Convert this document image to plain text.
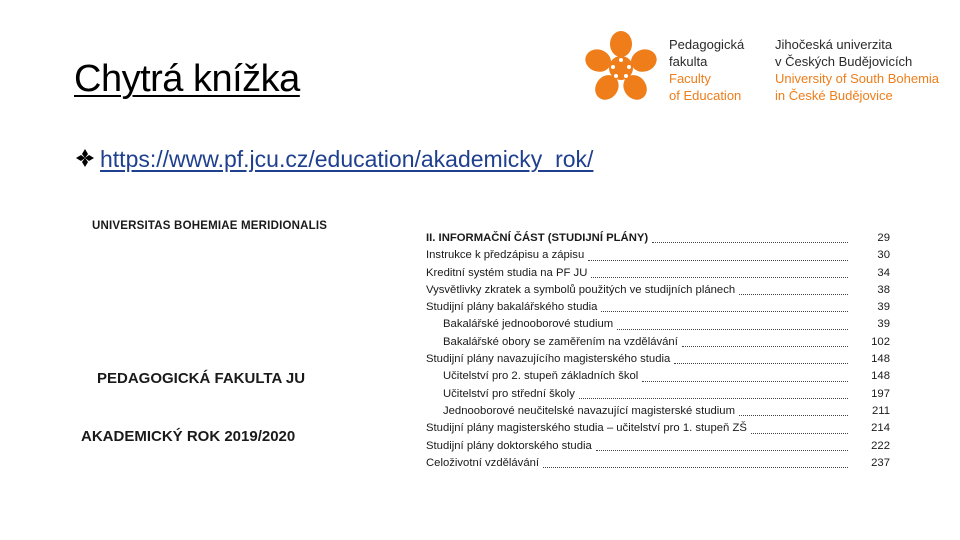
Chytrá knížka
Pedagogická
fakulta
Faculty
of Education
Jihočeská univerzita
v Českých Budějovicích
University of South Bohemia
in České Budějovice
https://www.pf.jcu.cz/education/akademicky_rok/
UNIVERSITAS BOHEMIAE MERIDIONALIS
PEDAGOGICKÁ FAKULTA JU
AKADEMICKÝ ROK 2019/2020
II. INFORMAČNÍ ČÁST (STUDIJNÍ PLÁNY)	29
Instrukce k předzápisu a zápisu	30
Kreditní systém studia na PF JU	34
Vysvětlivky zkratek a symbolů použitých ve studijních plánech	38
Studijní plány bakalářského studia	39
Bakalářské jednooborové studium	39
Bakalářské obory se zaměřením na vzdělávání	102
Studijní plány navazujícího magisterského studia	148
Učitelství pro 2. stupeň základních škol	148
Učitelství pro střední školy	197
Jednooborové neučitelské navazující magisterské studium	211
Studijní plány magisterského studia – učitelství pro 1. stupeň ZŠ	214
Studijní plány doktorského studia	222
Celoživotní vzdělávání	237
